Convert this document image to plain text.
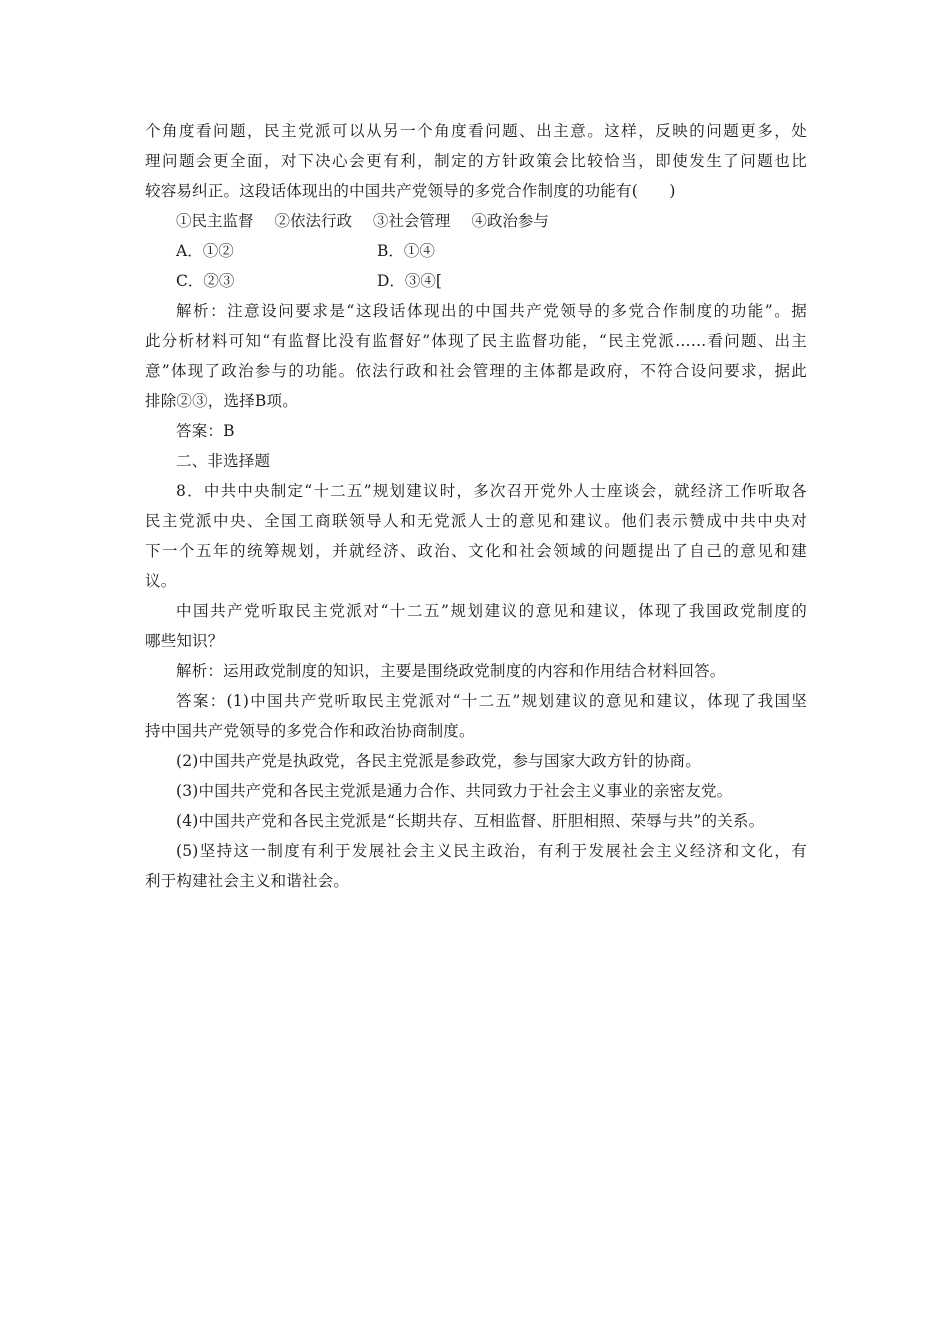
个角度看问题，民主党派可以从另一个角度看问题、出主意。这样，反映的问题更多，处
理问题会更全面，对下决心会更有利，制定的方针政策会比较恰当，即使发生了问题也比
较容易纠正。这段话体现出的中国共产党领导的多党合作制度的功能有(　　)
①民主监督 ②依法行政 ③社会管理 ④政治参与
A．①②	B．①④
C．②③	D．③④[
解析：注意设问要求是“这段话体现出的中国共产党领导的多党合作制度的功能”。据
此分析材料可知“有监督比没有监督好”体现了民主监督功能，“民主党派……看问题、出主
意”体现了政治参与的功能。依法行政和社会管理的主体都是政府，不符合设问要求，据此
排除②③，选择B项。
答案：B
二、非选择题
8．中共中央制定“十二五”规划建议时，多次召开党外人士座谈会，就经济工作听取各
民主党派中央、全国工商联领导人和无党派人士的意见和建议。他们表示赞成中共中央对
下一个五年的统筹规划，并就经济、政治、文化和社会领域的问题提出了自己的意见和建
议。
中国共产党听取民主党派对“十二五”规划建议的意见和建议，体现了我国政党制度的
哪些知识？
解析：运用政党制度的知识，主要是围绕政党制度的内容和作用结合材料回答。
答案：(1)中国共产党听取民主党派对“十二五”规划建议的意见和建议，体现了我国坚
持中国共产党领导的多党合作和政治协商制度。
(2)中国共产党是执政党，各民主党派是参政党，参与国家大政方针的协商。
(3)中国共产党和各民主党派是通力合作、共同致力于社会主义事业的亲密友党。
(4)中国共产党和各民主党派是“长期共存、互相监督、肝胆相照、荣辱与共”的关系。
(5)坚持这一制度有利于发展社会主义民主政治，有利于发展社会主义经济和文化，有
利于构建社会主义和谐社会。
